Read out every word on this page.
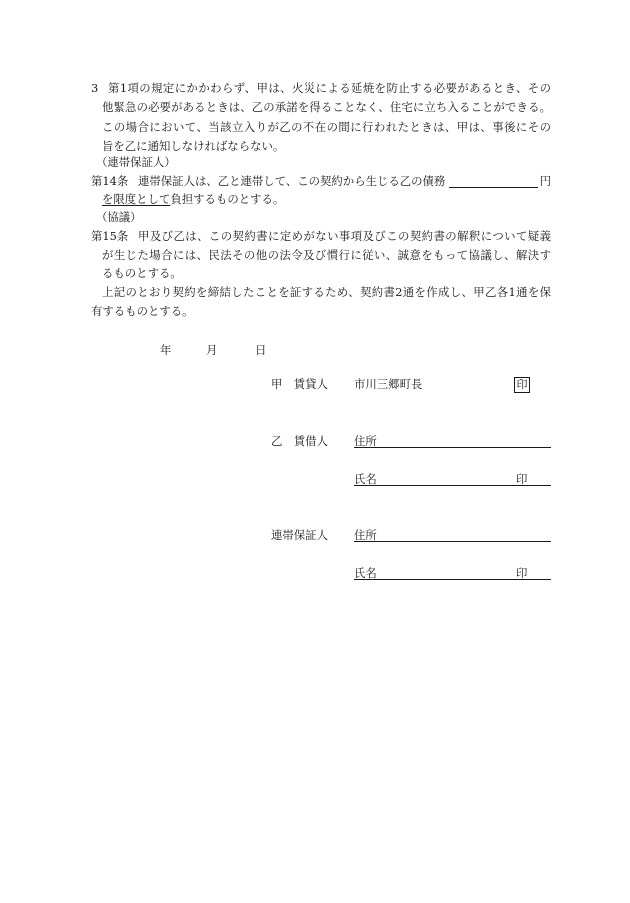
3 第1項の規定にかかわらず、甲は、火災による延焼を防止する必要があるとき、その
他緊急の必要があるときは、乙の承諾を得ることなく、住宅に立ち入ることができる。
この場合において、当該立入りが乙の不在の間に行われたときは、甲は、事後にその
旨を乙に通知しなければならない。
（連帯保証人）
第14条 連帯保証人は、乙と連帯して、この契約から生じる乙の債務	円
を限度として負担するものとする。
（協議）
第15条 甲及び乙は、この契約書に定めがない事項及びこの契約書の解釈について疑義
が生じた場合には、民法その他の法令及び慣行に従い、誠意をもって協議し、解決す
るものとする。
上記のとおり契約を締結したことを証するため、契約書2通を作成し、甲乙各1通を保
有するものとする。
年	月	日
甲　賃貸人 市川三郷町長	印
乙　賃借人 住所
氏名	印
連帯保証人 住所
氏名	印
